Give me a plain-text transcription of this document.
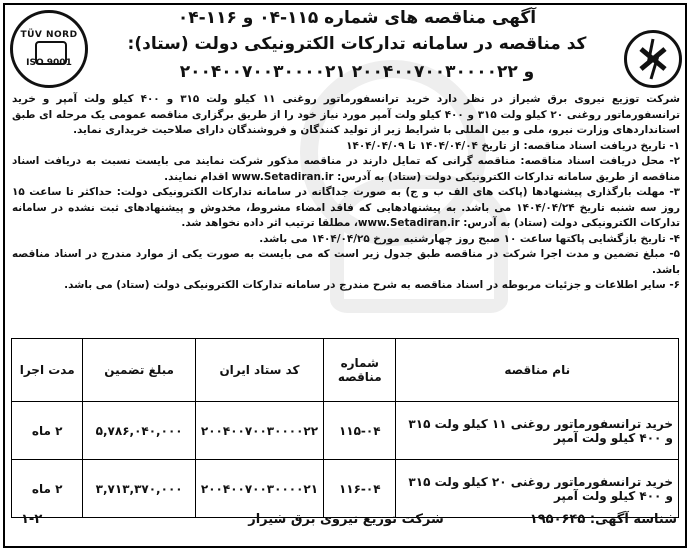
TÜV NORD
ISO 9001
آگهی مناقصه های شماره ۱۱۵-۰۴ و ۱۱۶-۰۴
کد مناقصه در سامانه تدارکات الکترونیکی دولت (ستاد):
۲۰۰۴۰۰۷۰۰۳۰۰۰۰۲۱ و ۲۰۰۴۰۰۷۰۰۳۰۰۰۰۲۲

شرکت توزیع نیروی برق شیراز در نظر دارد خرید ترانسفورماتور روغنی ۱۱ کیلو ولت ۳۱۵ و ۴۰۰ کیلو ولت آمپر و خرید ترانسفورماتور روغنی ۲۰ کیلو ولت ۳۱۵ و ۴۰۰ کیلو ولت آمپر مورد نیاز خود را از طریق برگزاری مناقصه عمومی یک مرحله ای طبق استانداردهای وزارت نیرو، ملی و بین المللی با شرایط زیر از تولید کنندگان و فروشندگان دارای صلاحیت خریداری نماید.

۱- تاریخ دریافت اسناد مناقصه: از تاریخ ۱۴۰۴/۰۴/۰۴ تا ۱۴۰۴/۰۴/۰۹

۲- محل دریافت اسناد مناقصه: مناقصه گرانی که تمایل دارند در مناقصه مذکور شرکت نمایند می بایست نسبت به دریافت اسناد مناقصه از طریق سامانه تدارکات الکترونیکی دولت (ستاد) به آدرس: www.Setadiran.ir اقدام نمایند.

۳- مهلت بارگذاری پیشنهادها (پاکت های الف ب و ج) به صورت جداگانه در سامانه تدارکات الکترونیکی دولت: حداکثر تا ساعت ۱۵ روز سه شنبه تاریخ ۱۴۰۴/۰۴/۲۴ می باشد. به پیشنهادهایی که فاقد امضاء مشروط، مخدوش و پیشنهادهای ثبت نشده در سامانه تدارکات الکترونیکی دولت (ستاد) به آدرس: www.Setadiran.ir، مطلقا ترتیب اثر داده نخواهد شد.

۴- تاریخ بازگشایی پاکتها ساعت ۱۰ صبح روز چهارشنبه مورخ ۱۴۰۴/۰۴/۲۵ می باشد.

۵- مبلغ تضمین و مدت اجرا شرکت در مناقصه طبق جدول زیر است که می بایست به صورت یکی از موارد مندرج در اسناد مناقصه باشد.

۶- سایر اطلاعات و جزئیات مربوطه در اسناد مناقصه به شرح مندرج در سامانه تدارکات الکترونیکی دولت (ستاد) می باشد.

نام مناقصه	شماره مناقصه	کد ستاد ایران	مبلغ تضمین	مدت اجرا
خرید ترانسفورماتور روغنی ۱۱ کیلو ولت ۳۱۵ و ۴۰۰ کیلو ولت آمپر	۱۱۵-۰۴	۲۰۰۴۰۰۷۰۰۳۰۰۰۰۲۲	۵,۷۸۶,۰۴۰,۰۰۰	۲ ماه
خرید ترانسفورماتور روغنی ۲۰ کیلو ولت ۳۱۵ و ۴۰۰ کیلو ولت آمپر	۱۱۶-۰۴	۲۰۰۴۰۰۷۰۰۳۰۰۰۰۲۱	۳,۷۱۳,۳۷۰,۰۰۰	۲ ماه
شناسه آگهی: ۱۹۵۰۶۴۵
شرکت توزیع نیروی برق شیراز
۱-۲
